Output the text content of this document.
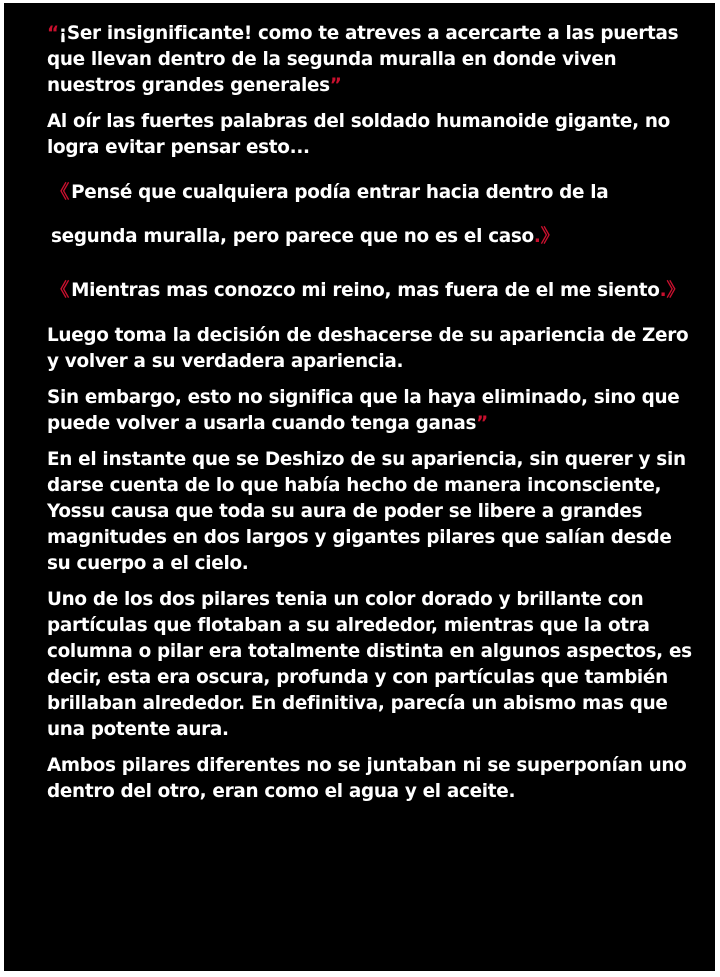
“¡Ser insignificante! como te atreves a acercarte a las puertas que llevan dentro de la segunda muralla en donde viven nuestros grandes generales”

Al oír las fuertes palabras del soldado humanoide gigante, no logra evitar pensar esto...

《 Pensé que cualquiera podía entrar hacia dentro de la segunda muralla, pero parece que no es el caso.》

《 Mientras mas conozco mi reino, mas fuera de el me siento.》

Luego toma la decisión de deshacerse de su apariencia de Zero y volver a su verdadera apariencia.

Sin embargo, esto no significa que la haya eliminado, sino que puede volver a usarla cuando tenga ganas”

En el instante que se Deshizo de su apariencia, sin querer y sin darse cuenta de lo que había hecho de manera inconsciente, Yossu causa que toda su aura de poder se libere a grandes magnitudes en dos largos y gigantes pilares que salían desde su cuerpo a el cielo.

Uno de los dos pilares tenia un color dorado y brillante con partículas que flotaban a su alrededor, mientras que la otra columna o pilar era totalmente distinta en algunos aspectos, es decir, esta era oscura, profunda y con partículas que también brillaban alrededor. En definitiva, parecía un abismo mas que una potente aura.

Ambos pilares diferentes no se juntaban ni se superponían uno dentro del otro, eran como el agua y el aceite.
